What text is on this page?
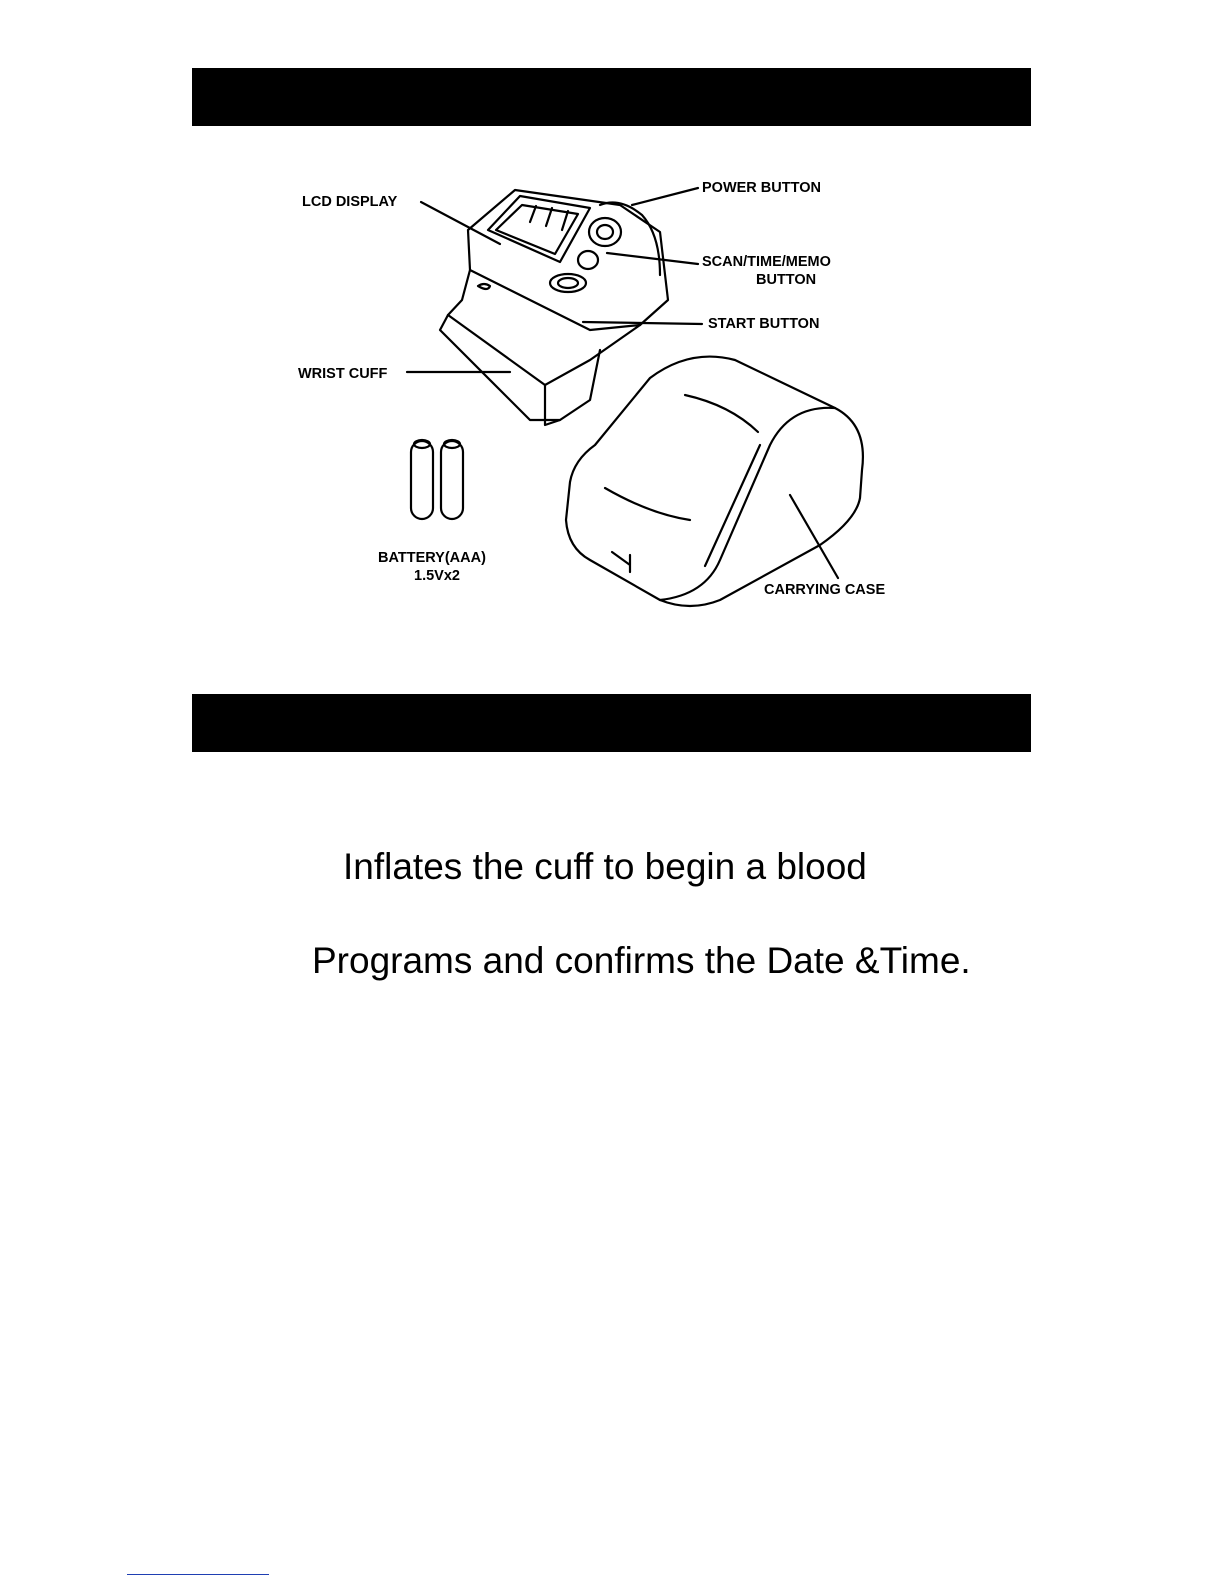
LCD DISPLAY
POWER BUTTON
SCAN/TIME/MEMO
BUTTON
START BUTTON
WRIST CUFF
BATTERY(AAA)
1.5Vx2
CARRYING CASE
Inflates the cuff to begin a blood
Programs and confirms the Date &Time.
